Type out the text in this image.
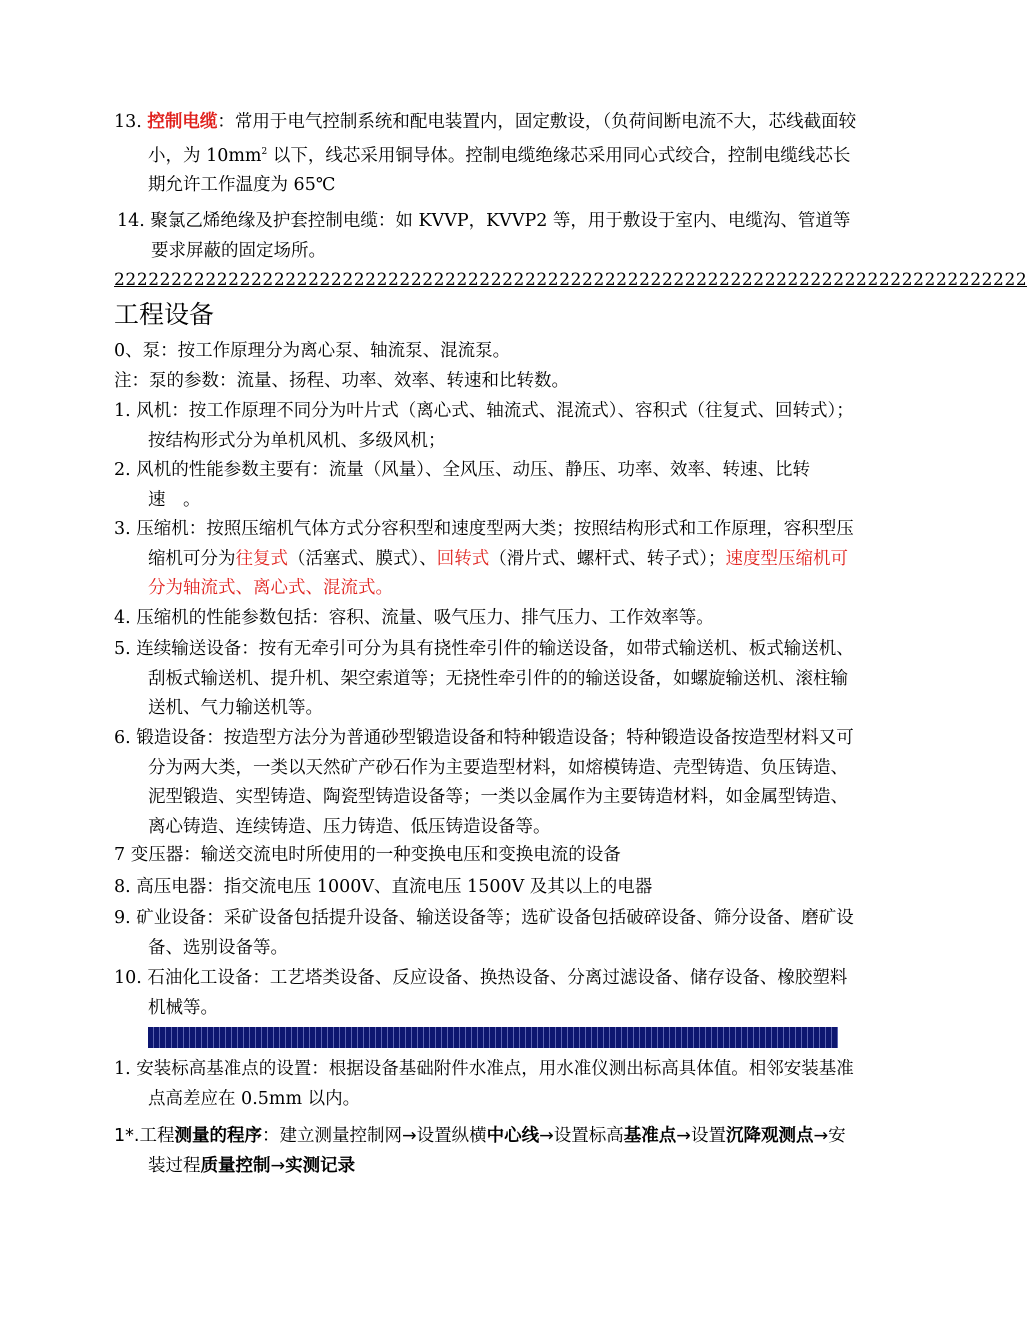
13. 控制电缆：常用于电气控制系统和配电装置内，固定敷设，（负荷间断电流不大，芯线截面较小，为 $10mm^2$ 以下，线芯采用铜导体。控制电缆绝缘芯采用同心式绞合，控制电缆线芯长期允许工作温度为 65℃

14. 聚氯乙烯绝缘及护套控制电缆：如 KVVP，KVVP2 等，用于敷设于室内、电缆沟、管道等要求屏蔽的固定场所。

22222222222222222222222222222222222222222222222222222222222222222222222222222222
工程设备

0、泵：按工作原理分为离心泵、轴流泵、混流泵。

注：泵的参数：流量、扬程、功率、效率、转速和比转数。

1. 风机：按工作原理不同分为叶片式（离心式、轴流式、混流式）、容积式（往复式、回转式）；按结构形式分为单机风机、多级风机；

2. 风机的性能参数主要有：流量（风量）、全风压、动压、静压、功率、效率、转速、比转速　。

3. 压缩机：按照压缩机气体方式分容积型和速度型两大类；按照结构形式和工作原理，容积型压缩机可分为往复式（活塞式、膜式）、回转式（滑片式、螺杆式、转子式）；速度型压缩机可分为轴流式、离心式、混流式。

4. 压缩机的性能参数包括：容积、流量、吸气压力、排气压力、工作效率等。

5. 连续输送设备：按有无牵引可分为具有挠性牵引件的输送设备，如带式输送机、板式输送机、刮板式输送机、提升机、架空索道等；无挠性牵引件的的输送设备，如螺旋输送机、滚柱输送机、气力输送机等。

6. 锻造设备：按造型方法分为普通砂型锻造设备和特种锻造设备；特种锻造设备按造型材料又可分为两大类，一类以天然矿产砂石作为主要造型材料，如熔模铸造、壳型铸造、负压铸造、泥型锻造、实型铸造、陶瓷型铸造设备等；一类以金属作为主要铸造材料，如金属型铸造、离心铸造、连续铸造、压力铸造、低压铸造设备等。

7 变压器：输送交流电时所使用的一种变换电压和变换电流的设备

8. 高压电器：指交流电压 1000V、直流电压 1500V 及其以上的电器

9. 矿业设备：采矿设备包括提升设备、输送设备等；选矿设备包括破碎设备、筛分设备、磨矿设备、选别设备等。

10. 石油化工设备：工艺塔类设备、反应设备、换热设备、分离过滤设备、储存设备、橡胶塑料机械等。

1. 安装标高基准点的设置：根据设备基础附件水准点，用水准仪测出标高具体值。相邻安装基准点高差应在 0.5mm 以内。

1*.工程测量的程序：建立测量控制网→设置纵横中心线→设置标高基准点→设置沉降观测点→安装过程质量控制→实测记录
